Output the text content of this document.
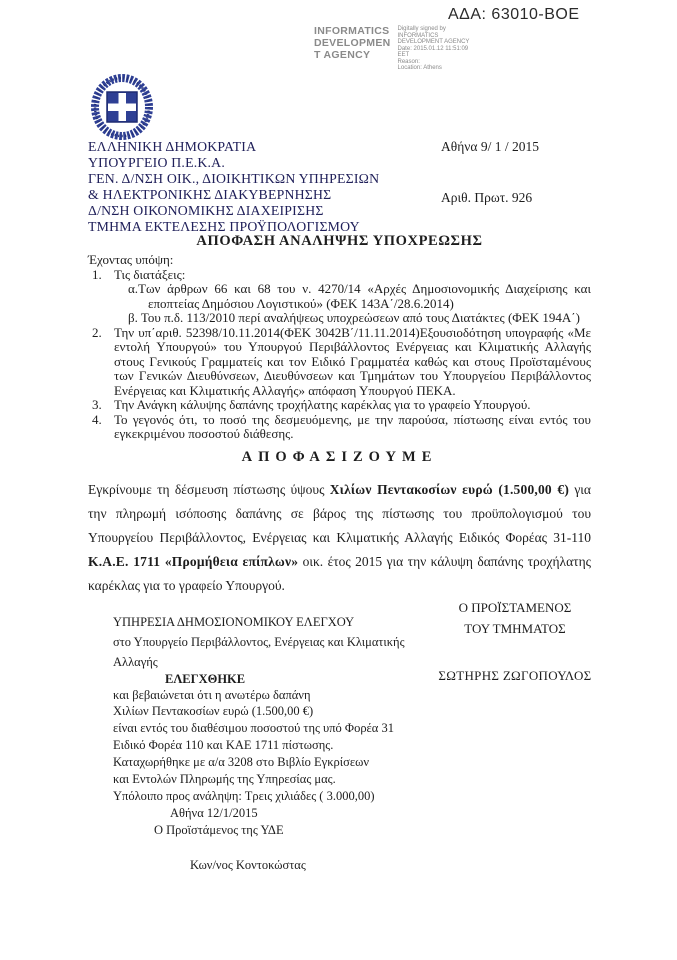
ΑΔΑ: 63010-ΒΟΕ
INFORMATICS
DEVELOPMEN
T AGENCY
Digitally signed by
INFORMATICS
DEVELOPMENT AGENCY
Date: 2015.01.12 11:51:09
EET
Reason:
Location: Athens
ΕΛΛΗΝΙΚΗ ΔΗΜΟΚΡΑΤΙΑ
ΥΠΟΥΡΓΕΙΟ Π.Ε.Κ.Α.
ΓΕΝ. Δ/ΝΣΗ ΟΙΚ., ΔΙΟΙΚΗΤΙΚΩΝ ΥΠΗΡΕΣΙΩΝ
& ΗΛΕΚΤΡΟΝΙΚΗΣ ΔΙΑΚΥΒΕΡΝΗΣΗΣ
Δ/ΝΣΗ ΟΙΚΟΝΟΜΙΚΗΣ ΔΙΑΧΕΙΡΙΣΗΣ
ΤΜΗΜΑ ΕΚΤΕΛΕΣΗΣ ΠΡΟΫΠΟΛΟΓΙΣΜΟΥ
Αθήνα 9/ 1 / 2015
Αριθ. Πρωτ. 926
ΑΠΟΦΑΣΗ ΑΝΑΛΗΨΗΣ ΥΠΟΧΡΕΩΣΗΣ
Έχοντας υπόψη:
1. Τις διατάξεις:
α.Των άρθρων 66 και 68 του ν. 4270/14 «Αρχές Δημοσιονομικής Διαχείρισης και εποπτείας Δημόσιου Λογιστικού» (ΦΕΚ 143Α΄/28.6.2014)
β. Του π.δ. 113/2010 περί αναλήψεως υποχρεώσεων από τους Διατάκτες (ΦΕΚ 194Α΄)
2. Την υπ΄αριθ. 52398/10.11.2014(ΦΕΚ 3042Β΄/11.11.2014)Εξουσιοδότηση υπογραφής «Με εντολή Υπουργού» του Υπουργού Περιβάλλοντος Ενέργειας και Κλιματικής Αλλαγής στους Γενικούς Γραμματείς και τον Ειδικό Γραμματέα καθώς και στους Προϊσταμένους των Γενικών Διευθύνσεων, Διευθύνσεων και Τμημάτων του Υπουργείου Περιβάλλοντος Ενέργειας και Κλιματικής Αλλαγής» απόφαση Υπουργού ΠΕΚΑ.
3. Την Ανάγκη κάλυψης δαπάνης τροχήλατης καρέκλας για το γραφείο Υπουργού.
4. Το γεγονός ότι, το ποσό της δεσμευόμενης, με την παρούσα, πίστωσης είναι εντός του εγκεκριμένου ποσοστού διάθεσης.
ΑΠΟΦΑΣΙΖΟΥΜΕ
Εγκρίνουμε τη δέσμευση πίστωσης ύψους Χιλίων Πεντακοσίων ευρώ (1.500,00 €) για την πληρωμή ισόποσης δαπάνης σε βάρος της πίστωσης του προϋπολογισμού του Υπουργείου Περιβάλλοντος, Ενέργειας και Κλιματικής Αλλαγής Ειδικός Φορέας 31-110 Κ.Α.Ε. 1711 «Προμήθεια επίπλων» οικ. έτος 2015 για την κάλυψη δαπάνης τροχήλατης καρέκλας για το γραφείο Υπουργού.
Ο ΠΡΟΪΣΤΑΜΕΝΟΣ
ΤΟΥ ΤΜΗΜΑΤΟΣ
ΣΩΤΗΡΗΣ ΖΩΓΟΠΟΥΛΟΣ
ΥΠΗΡΕΣΙΑ ΔΗΜΟΣΙΟΝΟΜΙΚΟΥ ΕΛΕΓΧΟΥ
στο Υπουργείο Περιβάλλοντος, Ενέργειας και Κλιματικής
Αλλαγής
ΕΛΕΓΧΘΗΚΕ
και βεβαιώνεται ότι η ανωτέρω δαπάνη
Χιλίων Πεντακοσίων ευρώ (1.500,00 €)
είναι εντός του διαθέσιμου ποσοστού της υπό Φορέα 31
Ειδικό Φορέα 110 και ΚΑΕ 1711 πίστωσης.
Καταχωρήθηκε με α/α 3208 στο Βιβλίο Εγκρίσεων
και Εντολών Πληρωμής της Υπηρεσίας μας.
Υπόλοιπο προς ανάληψη: Τρεις χιλιάδες ( 3.000,00)
Αθήνα 12/1/2015
Ο Προϊστάμενος της ΥΔΕ
Κων/νος Κοντοκώστας
